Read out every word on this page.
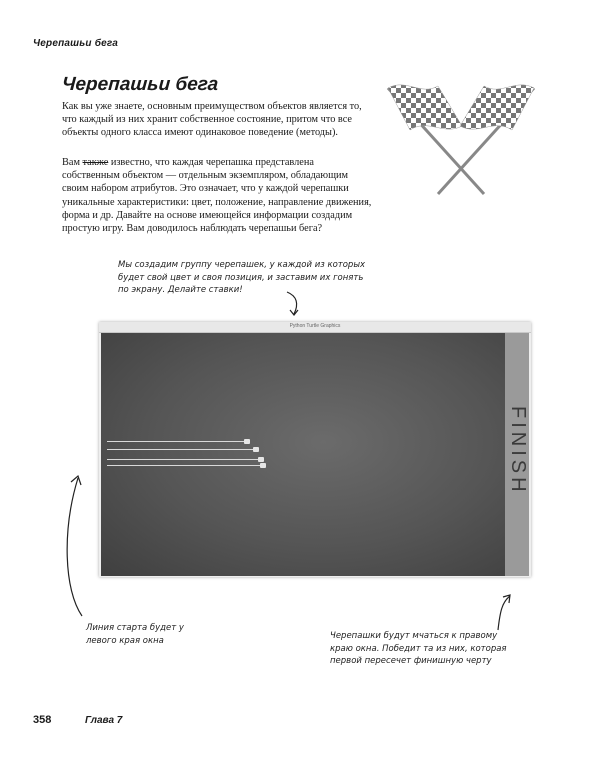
Черепашьи бега
Черепашьи бега
Как вы уже знаете, основным преимуществом объектов является то, что каждый из них хранит собственное состояние, притом что все объекты одного класса имеют одинаковое поведение (методы).
Вам также известно, что каждая черепашка представлена собственным объектом — отдельным экземпляром, обладающим своим набором атрибутов. Это означает, что у каждой черепашки уникальные характеристики: цвет, положение, направление движения, форма и др. Давайте на основе имеющейся информации создадим простую игру. Вам доводилось наблюдать черепашьи бега?
Мы создадим группу черепашек, у каждой из которых будет свой цвет и своя позиция, и заставим их гонять по экрану. Делайте ставки!
Python Turtle Graphics
FINISH
Линия старта будет у левого края окна	Черепашки будут мчаться к правому краю окна. Победит та из них, которая первой пересечет финишную черту
358	Глава 7
